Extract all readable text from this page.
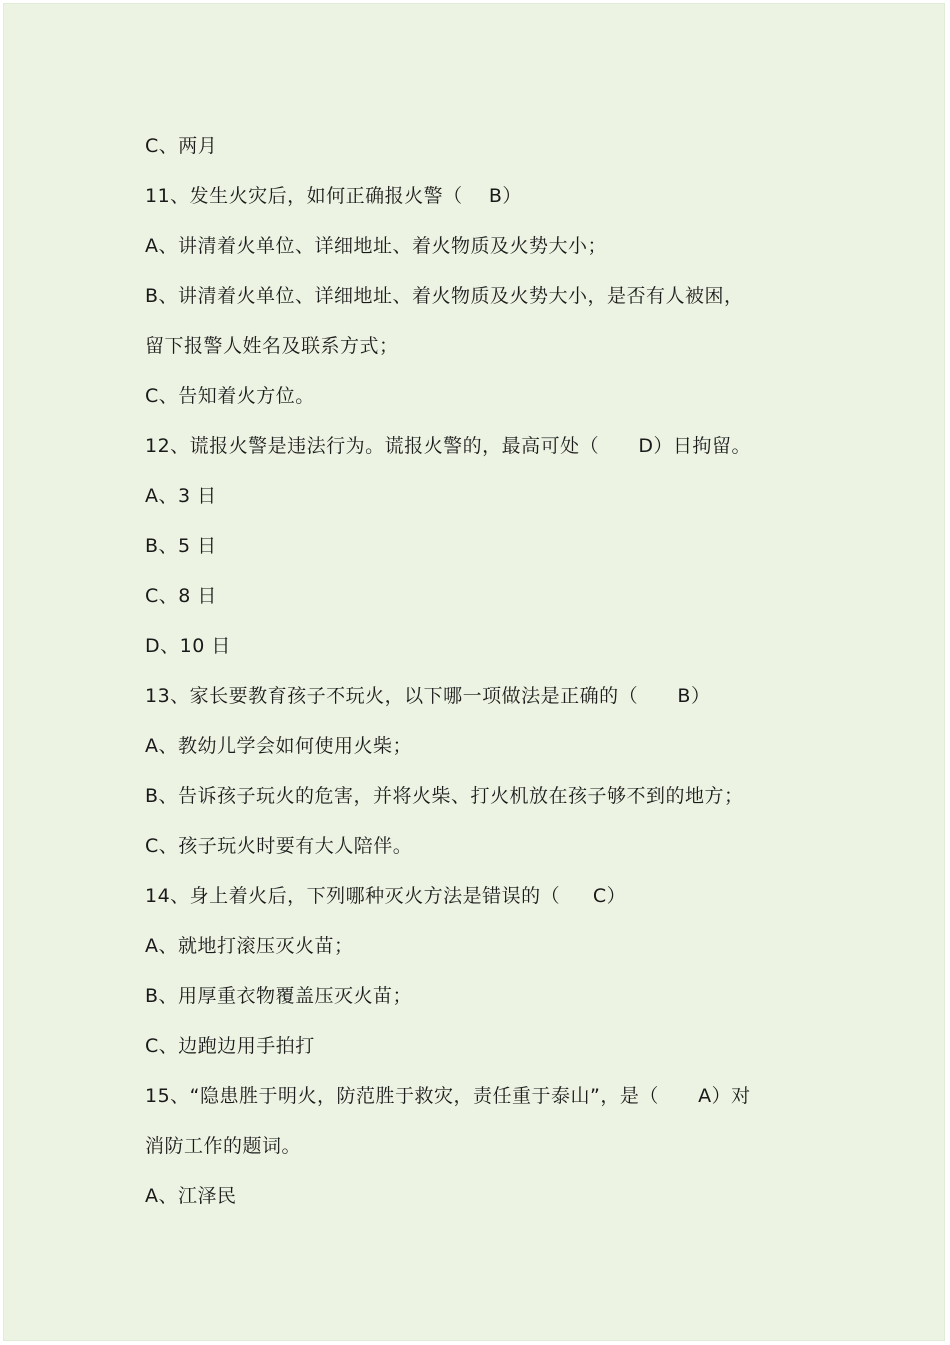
C、两月
11、发生火灾后，如何正确报火警（    B）
A、讲清着火单位、详细地址、着火物质及火势大小；
B、讲清着火单位、详细地址、着火物质及火势大小，是否有人被困，
留下报警人姓名及联系方式；
C、告知着火方位。
12、谎报火警是违法行为。谎报火警的，最高可处（      D）日拘留。
A、3 日
B、5 日
C、8 日
D、10 日
13、家长要教育孩子不玩火，以下哪一项做法是正确的（      B）
A、教幼儿学会如何使用火柴；
B、告诉孩子玩火的危害，并将火柴、打火机放在孩子够不到的地方；
C、孩子玩火时要有大人陪伴。
14、身上着火后，下列哪种灭火方法是错误的（     C）
A、就地打滚压灭火苗；
B、用厚重衣物覆盖压灭火苗；
C、边跑边用手拍打
15、“隐患胜于明火，防范胜于救灾，责任重于泰山”，是（      A）对
消防工作的题词。
A、江泽民
